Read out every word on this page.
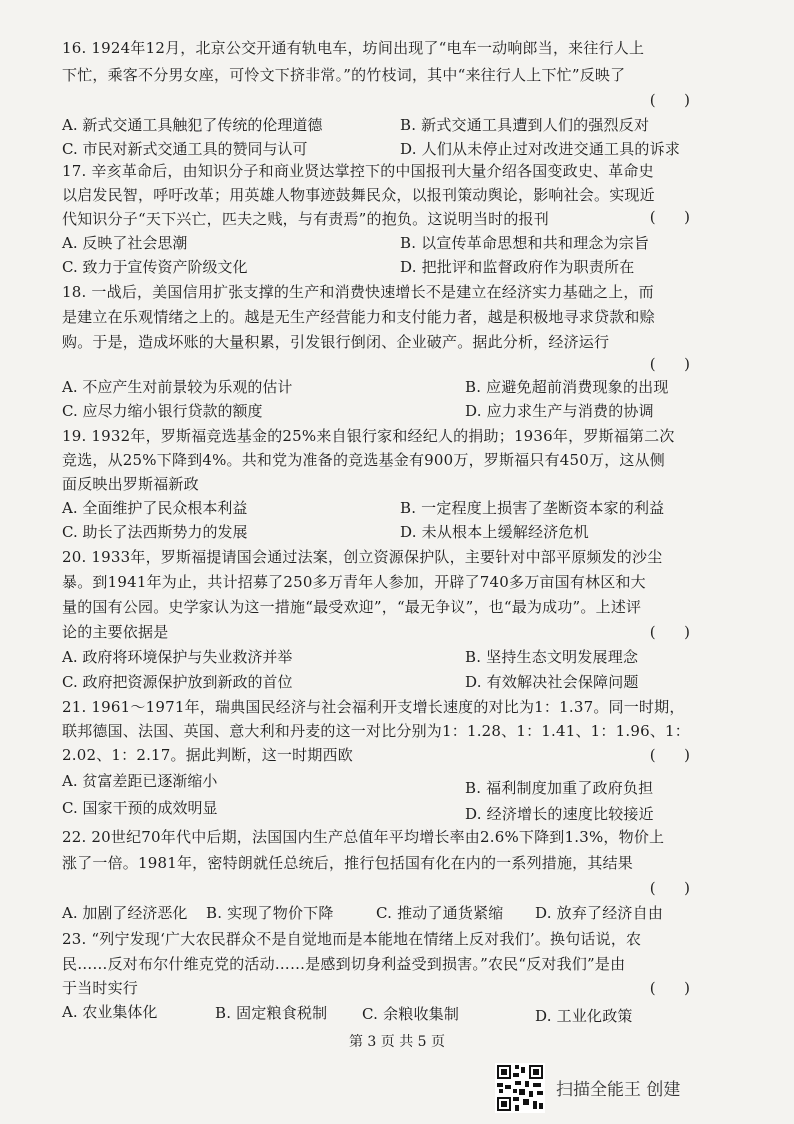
16. 1924年12月，北京公交开通有轨电车，坊间出现了“电车一动响郎当，来往行人上
下忙，乘客不分男女座，可怜文下挤非常。”的竹枝词，其中“来往行人上下忙”反映了
(      )
A. 新式交通工具触犯了传统的伦理道德	B. 新式交通工具遭到人们的强烈反对
C. 市民对新式交通工具的赞同与认可	D. 人们从未停止过对改进交通工具的诉求
17. 辛亥革命后，由知识分子和商业贤达掌控下的中国报刊大量介绍各国变政史、革命史
以启发民智，呼吁改革；用英雄人物事迹鼓舞民众，以报刊策动舆论，影响社会。实现近
代知识分子“天下兴亡，匹夫之贱，与有责焉”的抱负。这说明当时的报刊	(      )
A. 反映了社会思潮	B. 以宣传革命思想和共和理念为宗旨
C. 致力于宣传资产阶级文化	D. 把批评和监督政府作为职责所在
18. 一战后，美国信用扩张支撑的生产和消费快速增长不是建立在经济实力基础之上，而
是建立在乐观情绪之上的。越是无生产经营能力和支付能力者，越是积极地寻求贷款和赊
购。于是，造成坏账的大量积累，引发银行倒闭、企业破产。据此分析，经济运行
(      )
A. 不应产生对前景较为乐观的估计	B. 应避免超前消费现象的出现
C. 应尽力缩小银行贷款的额度	D. 应力求生产与消费的协调
19. 1932年，罗斯福竞选基金的25%来自银行家和经纪人的捐助；1936年，罗斯福第二次
竞选，从25%下降到4%。共和党为准备的竞选基金有900万，罗斯福只有450万，这从侧
面反映出罗斯福新政
A. 全面维护了民众根本利益	B. 一定程度上损害了垄断资本家的利益
C. 助长了法西斯势力的发展	D. 未从根本上缓解经济危机
20. 1933年，罗斯福提请国会通过法案，创立资源保护队，主要针对中部平原频发的沙尘
暴。到1941年为止，共计招募了250多万青年人参加，开辟了740多万亩国有林区和大
量的国有公园。史学家认为这一措施“最受欢迎”，“最无争议”，也“最为成功”。上述评
论的主要依据是	(      )
A. 政府将环境保护与失业救济并举	B. 坚持生态文明发展理念
C. 政府把资源保护放到新政的首位	D. 有效解决社会保障问题
21. 1961～1971年，瑞典国民经济与社会福利开支增长速度的对比为1：1.37。同一时期，
联邦德国、法国、英国、意大利和丹麦的这一对比分别为1：1.28、1：1.41、1：1.96、1：
2.02、1：2.17。据此判断，这一时期西欧	(      )
A. 贫富差距已逐渐缩小	B. 福利制度加重了政府负担
C. 国家干预的成效明显	D. 经济增长的速度比较接近
22. 20世纪70年代中后期，法国国内生产总值年平均增长率由2.6%下降到1.3%，物价上
涨了一倍。1981年，密特朗就任总统后，推行包括国有化在内的一系列措施，其结果
(      )
A. 加剧了经济恶化 B. 实现了物价下降	C. 推动了通货紧缩 D. 放弃了经济自由
23. “列宁发现‘广大农民群众不是自觉地而是本能地在情绪上反对我们’。换句话说，农
民……反对布尔什维克党的活动……是感到切身利益受到损害。”农民“反对我们”是由
于当时实行	(      )
A. 农业集体化	B. 固定粮食税制 C. 余粮收集制	D. 工业化政策
第 3 页 共 5 页
扫描全能王 创建
